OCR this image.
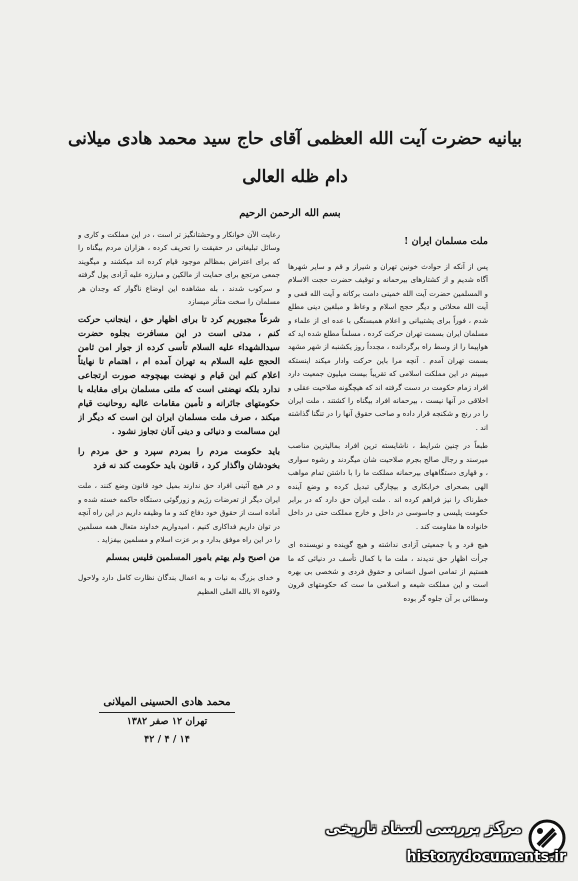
بیانیه حضرت آیت الله العظمی آقای حاج سید محمد هادی میلانی دام ظله العالی
بسم الله الرحمن الرحیم
ملت مسلمان ایران !

پس از آنکه از حوادث خونین تهران و شیراز و قم و سایر شهرها آگاه شدیم و از کشتارهای بیرحمانه و توقیف حضرت حجت الاسلام و المسلمین حضرت آیت الله خمینی دامت برکاته و آیت الله قمی و آیت الله محلاتی و دیگر حجج اسلام و وعاظ و مبلغین دینی مطلع شدم ، فوراً برای پشتیبانی و اعلام همبستگی با عده ای از علماء و مسلمان ایران بسمت تهران حرکت کرده ، مسلماً مطلع شده اید که هواپیما را از وسط راه برگردانده ، مجدداً روز یکشنبه از شهر مشهد بسمت تهران آمدم . آنچه مرا باین حرکت وادار میکند اینستکه میبینم در این مملکت اسلامی که تقریباً بیست میلیون جمعیت دارد افراد زمام حکومت در دست گرفته اند که هیچگونه صلاحیت عقلی و اخلاقی در آنها نیست ، بیرحمانه افراد بیگناه را کشتند ، ملت ایران را در رنج و شکنجه قرار داده و صاحب حقوق آنها را در تنگنا گذاشته اند .

طبعاً در چنین شرایط ، ناشایسته ترین افراد بمالیترین مناصب میرسند و رجال صالح بجرم صلاحیت شان میگردند و رشوه سواری ، و قهاری دستگاههای بیرحمانه مملکت ما را با داشتن تمام مواهب الهی بصحرای خرابکاری و بیچارگی تبدیل کرده و وضع آینده خطرناک را نیز فراهم کرده اند . ملت ایران حق دارد که در برابر حکومت پلیسی و جاسوسی در داخل و خارج مملکت حتی در داخل خانواده ها مقاومت کند .

هیچ فرد و یا جمعیتی آزادی نداشته و هیچ گوینده و نویسنده ای جرأت اظهار حق ندیدند ، ملت ما با کمال تأسف در دنیائی که ما هستیم از تمامی اصول انسانی و حقوق فردی و شخصی بی بهره است و این مملکت شیعه و اسلامی ما ست که حکومتهای قرون وسطائی بر آن جلوه گر بوده

رعایت الآن خوانکار و وحشتانگیز تر است ، در این مملکت و کاری و وسائل تبلیغاتی در حقیقت را تحریف کرده ، هزاران مردم بیگناه را که برای اعتراض بمظالم موجود قیام کرده اند میکشند و میگویند جمعی مرتجع برای حمایت از مالکین و مبارزه علیه آزادی پول گرفته و سرکوب شدند ، بله مشاهده این اوضاع ناگوار که وجدان هر مسلمان را سخت متأثر میسازد

شرعاً مجبوریم کرد تا برای اظهار حق ، اینجانب حرکت کنم ، مدتی است در این مسافرت بجلوه حضرت سیدالشهداء علیه السلام تأسی کرده از جوار امن ثامن الحجج علیه السلام به تهران آمده ام ، اهتمام تا نهایتاً اعلام کنم این قیام و نهضت بهیچوجه صورت ارتجاعی ندارد بلکه نهضتی است که ملتی مسلمان برای مقابله با حکومتهای جائرانه و تأمین مقامات عالیه روحانیت قیام میکند ، صرف ملت مسلمان ایران این است که دیگر از این مسالمت و دنیائی و دینی آنان تجاوز نشود .

باید حکومت مردم را بمردم سپرد و حق مردم را بخودشان واگذار کرد ، قانون باید حکومت کند نه فرد

و در هیچ آئینی افراد حق ندارند بمیل خود قانون وضع کنند ، ملت ایران دیگر از تعرضات رژیم و زورگوئی دستگاه حاکمه خسته شده و آماده است از حقوق خود دفاع کند و ما وظیفه داریم در این راه آنچه در توان داریم فداکاری کنیم ، امیدواریم خداوند متعال همه مسلمین را در این راه موفق بدارد و بر عزت اسلام و مسلمین بیفزاید .

من اصبح ولم یهتم بامور المسلمین فلیس بمسلم

و خدای بزرگ به نیات و به اعمال بندگان نظارت کامل دارد ولاحول ولاقوة الا بالله العلی العظیم

محمد هادی الحسینی المیلانی
تهران ۱۲ صفر ۱۳۸۲
۱۴ / ۴ / ۴۲
مرکز بررسی اسناد تاریخی
historydocuments.ir
